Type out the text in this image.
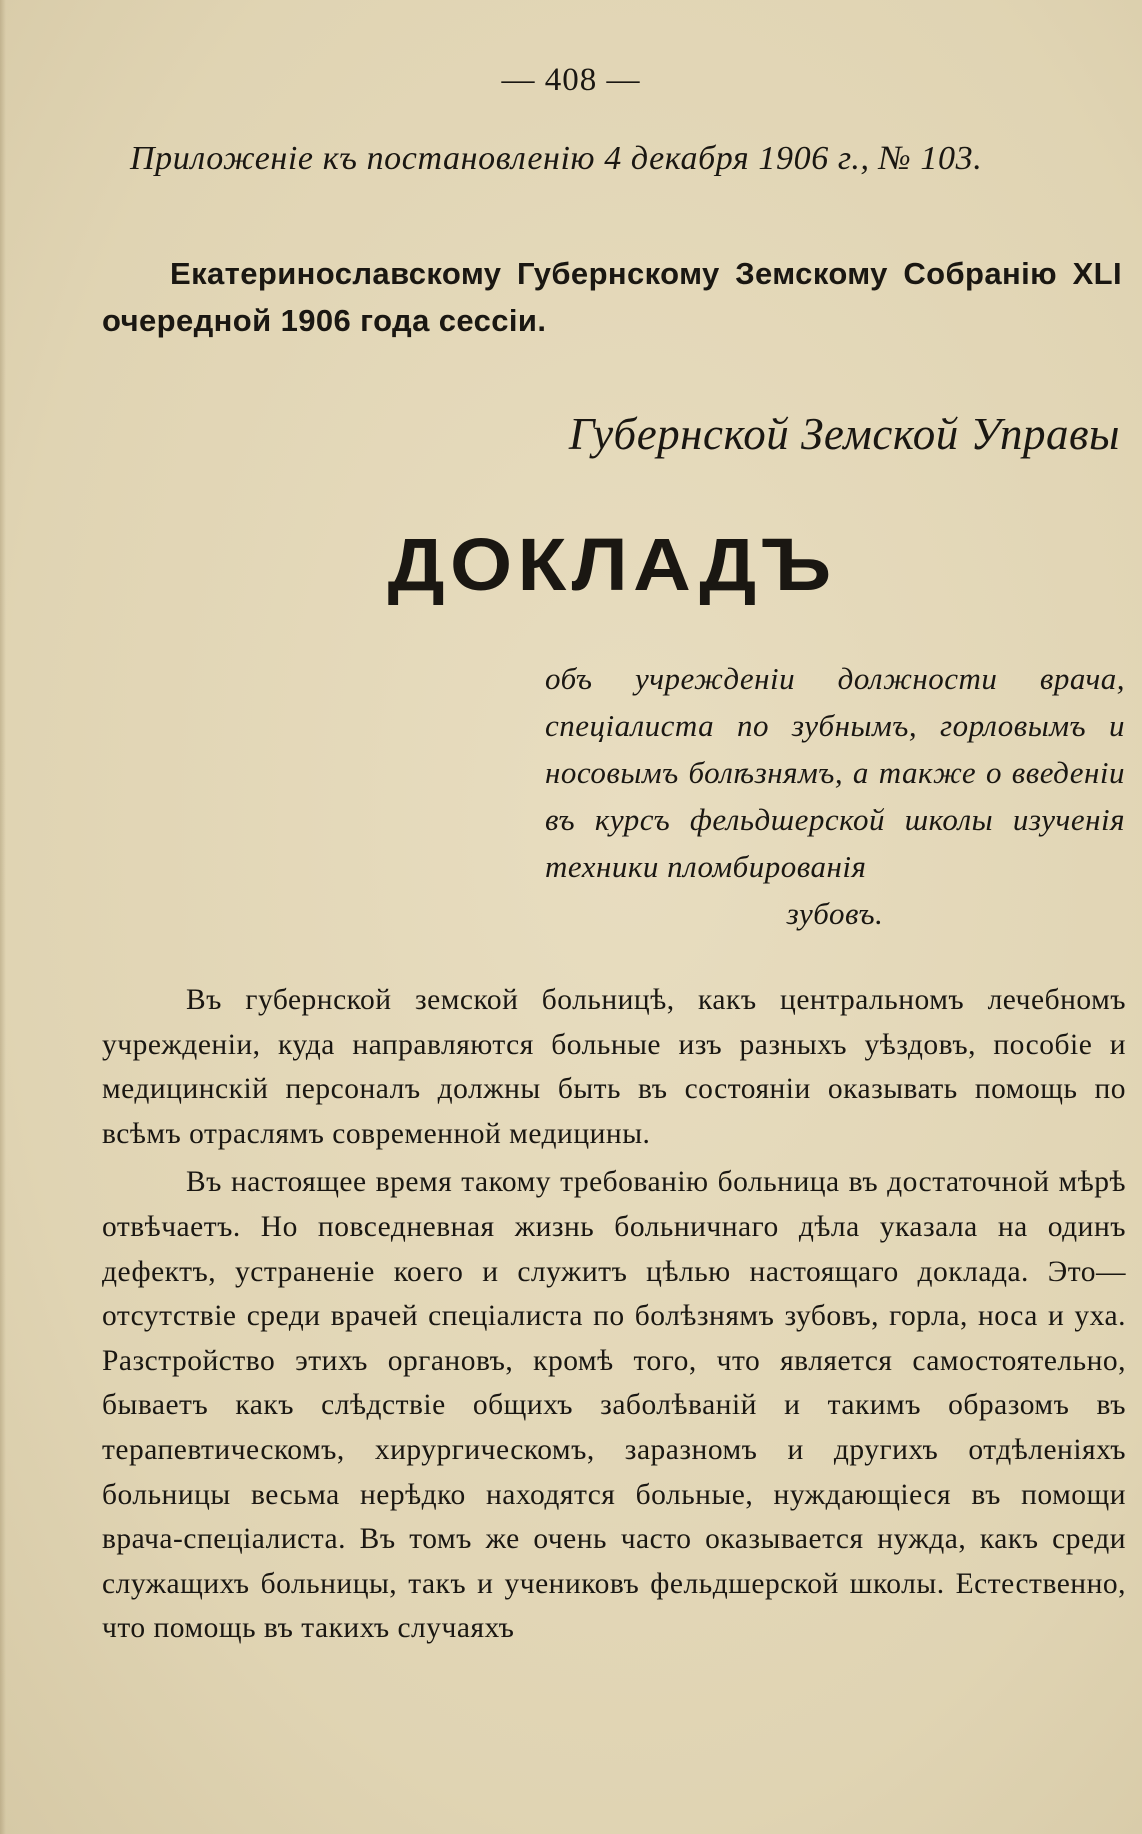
— 408 —
Приложенiе къ постановленiю 4 декабря 1906 г., № 103.
Екатеринославскому Губернскому Земскому Собранiю XLI очередной 1906 года сессiи.
Губернской Земской Управы
ДОКЛАДЪ
объ учрежденiи должности врача, спецiалиста по зубнымъ, горловымъ и носовымъ болѣзнямъ, а также о введенiи въ курсъ фельдшерской школы изученiя техники пломбированiя
зубовъ.

Въ губернской земской больницѣ, какъ центральномъ лечебномъ учрежденiи, куда направляются больные изъ разныхъ уѣздовъ, пособiе и медицинскiй персоналъ должны быть въ состоянiи оказывать помощь по всѣмъ отраслямъ современной медицины.

Въ настоящее время такому требованiю больница въ достаточной мѣрѣ отвѣчаетъ. Но повседневная жизнь больничнаго дѣла указала на одинъ дефектъ, устраненiе коего и служитъ цѣлью настоящаго доклада. Это—отсутствiе среди врачей спецiалиста по болѣзнямъ зубовъ, горла, носа и уха. Разстройство этихъ органовъ, кромѣ того, что является самостоятельно, бываетъ какъ слѣдствiе общихъ заболѣванiй и такимъ образомъ въ терапевтическомъ, хирургическомъ, заразномъ и другихъ отдѣленiяхъ больницы весьма нерѣдко находятся больные, нуждающiеся въ помощи врача-спецiалиста. Въ томъ же очень часто оказывается нужда, какъ среди служащихъ больницы, такъ и учениковъ фельдшерской школы. Естественно, что помощь въ такихъ случаяхъ
